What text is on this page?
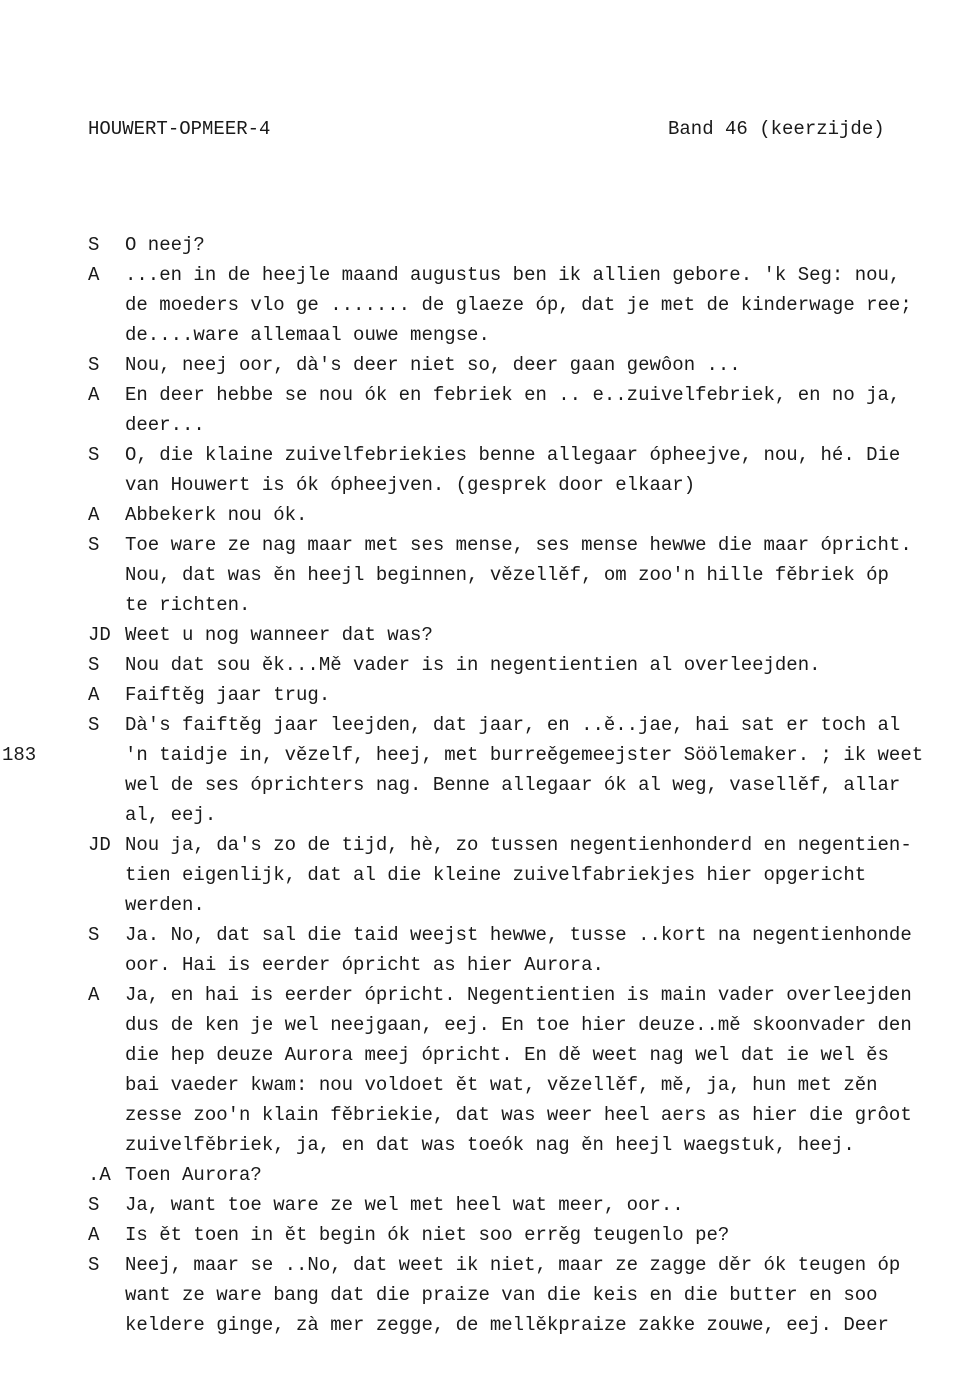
HOUWERT-OPMEER-4	Band 46 (keerzijde)
183
S	O neej?
A	...en in de heejle maand augustus ben ik allien gebore. 'k Seg: nou,
de moeders vlo ge ....... de glaeze óp, dat je met de kinderwage ree;
de....ware allemaal ouwe mengse.
S	Nou, neej oor, dà's deer niet so, deer gaan gewôon ...
A	En deer hebbe se nou ók en febriek en .. e..zuivelfebriek, en no ja,
deer...
S	O, die klaine zuivelfebriekies benne allegaar ópheejve, nou, hé. Die
van Houwert is ók ópheejven. (gesprek door elkaar)
A	Abbekerk nou ók.
S	Toe ware ze nag maar met ses mense, ses mense hewwe die maar ópricht.
Nou, dat was ěn heejl beginnen, vězellěf, om zoo'n hille fěbriek óp
te richten.
JD Weet u nog wanneer dat was?
S	Nou dat sou ěk...Mě vader is in negentientien al overleejden.
A	Faiftěg jaar trug.
S	Dà's faiftěg jaar leejden, dat jaar, en ..ě..jae, hai sat er toch al
'n taidje in, vězelf, heej, met burreěgemeejster Söölemaker. ; ik weet
wel de ses óprichters nag. Benne allegaar ók al weg, vasellěf, allar
al, eej.
JD Nou ja, da's zo de tijd, hè, zo tussen negentienhonderd en negentien-
tien eigenlijk, dat al die kleine zuivelfabriekjes hier opgericht
werden.
S	Ja. No, dat sal die taid weejst hewwe, tusse ..kort na negentienhonde
oor. Hai is eerder ópricht as hier Aurora.
A	Ja, en hai is eerder ópricht. Negentientien is main vader overleejden
dus de ken je wel neejgaan, eej. En toe hier deuze..mě skoonvader den
die hep deuze Aurora meej ópricht. En dě weet nag wel dat ie wel ěs
bai vaeder kwam: nou voldoet ět wat, vězellěf, mě, ja, hun met zěn
zesse zoo'n klain fěbriekie, dat was weer heel aers as hier die grôot
zuivelfěbriek, ja, en dat was toeók nag ěn heejl waegstuk, heej.
.A Toen Aurora?
S	Ja, want toe ware ze wel met heel wat meer, oor..
A	Is ět toen in ět begin ók niet soo errěg teugenlo pe?
S	Neej, maar se ..No, dat weet ik niet, maar ze zagge děr ók teugen óp
want ze ware bang dat die praize van die keis en die butter en soo
keldere ginge, zà mer zegge, de mellěkpraize zakke zouwe, eej. Deer
